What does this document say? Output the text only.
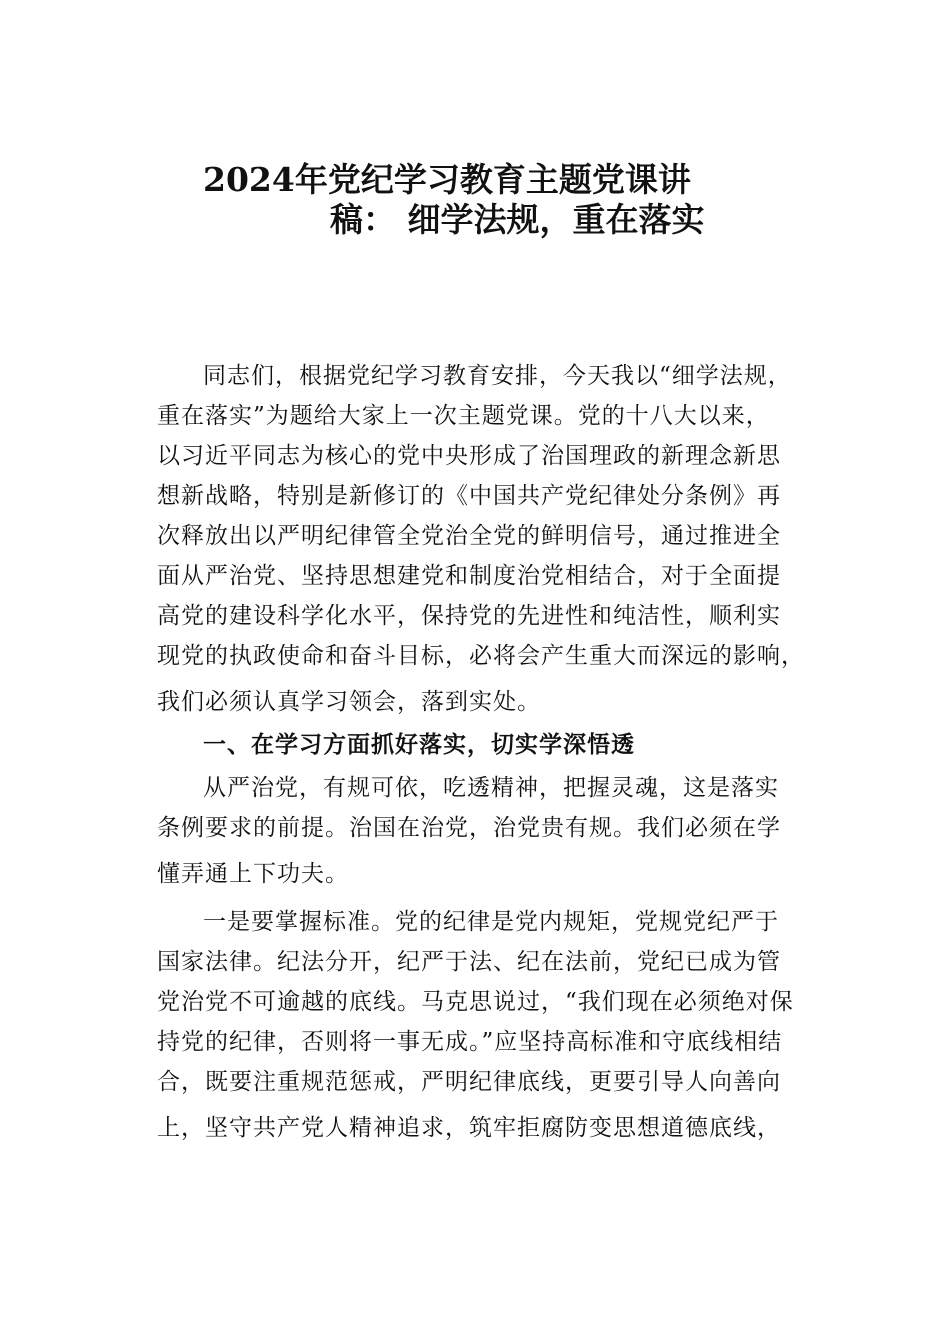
2024年党纪学习教育主题党课讲
稿： 细学法规，重在落实
同志们，根据党纪学习教育安排，今天我以“细学法规，
重在落实”为题给大家上一次主题党课。党的十八大以来，
以习近平同志为核心的党中央形成了治国理政的新理念新思
想新战略，特别是新修订的《中国共产党纪律处分条例》再
次释放出以严明纪律管全党治全党的鲜明信号，通过推进全
面从严治党、坚持思想建党和制度治党相结合，对于全面提
高党的建设科学化水平，保持党的先进性和纯洁性，顺利实
现党的执政使命和奋斗目标，必将会产生重大而深远的影响，
我们必须认真学习领会，落到实处。
一、在学习方面抓好落实，切实学深悟透
从严治党，有规可依，吃透精神，把握灵魂，这是落实
条例要求的前提。治国在治党，治党贵有规。我们必须在学
懂弄通上下功夫。
一是要掌握标准。党的纪律是党内规矩，党规党纪严于
国家法律。纪法分开，纪严于法、纪在法前，党纪已成为管
党治党不可逾越的底线。马克思说过，“我们现在必须绝对保
持党的纪律，否则将一事无成。”应坚持高标准和守底线相结
合，既要注重规范惩戒，严明纪律底线，更要引导人向善向
上，坚守共产党人精神追求，筑牢拒腐防变思想道德底线，
